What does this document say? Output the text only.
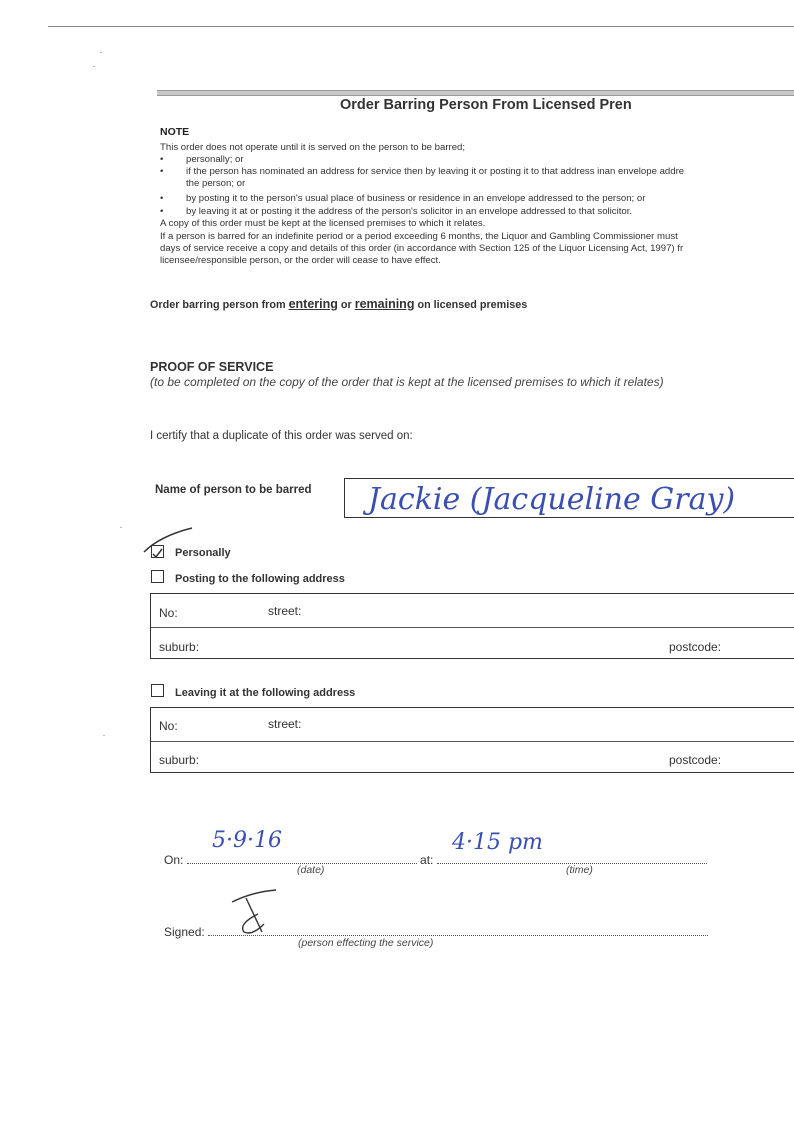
Order Barring Person From Licensed Pren
NOTE
This order does not operate until it is served on the person to be barred;
• personally; or
• if the person has nominated an address for service then by leaving it or posting it to that address inan envelope addre
the person; or
• by posting it to the person's usual place of business or residence in an envelope addressed to the person; or
• by leaving it at or posting it the address of the person's solicitor in an envelope addressed to that solicitor.
A copy of this order must be kept at the licensed premises to which it relates.
If a person is barred for an indefinite period or a period exceeding 6 months, the Liquor and Gambling Commissioner must
days of service receive a copy and details of this order (in accordance with Section 125 of the Liquor Licensing Act, 1997) fr
licensee/responsible person, or the order will cease to have effect.
Order barring person from entering or remaining on licensed premises
PROOF OF SERVICE
(to be completed on the copy of the order that is kept at the licensed premises to which it relates)
I certify that a duplicate of this order was served on:
Name of person to be barred Jackie (Jacqueline Gray)
Personally
Posting to the following address
No:	street:
suburb:	postcode:
Leaving it at the following address
No:	street:
suburb:	postcode:
On:	at:
5·9·16	4·15 pm
(date)	(time)
Signed:
(person effecting the service)
